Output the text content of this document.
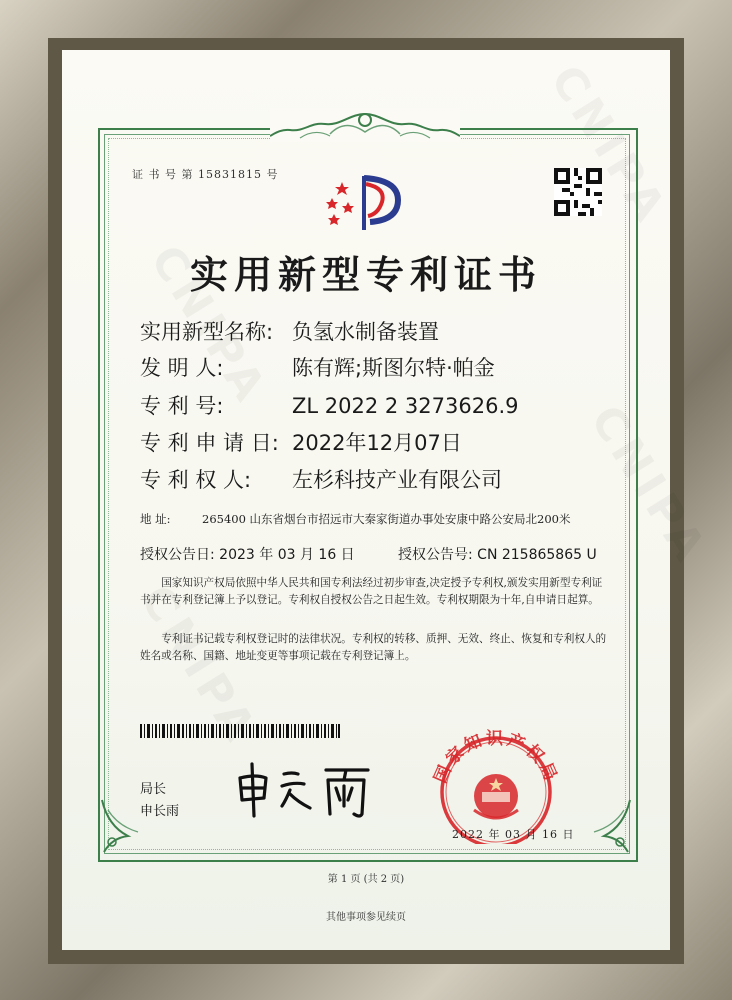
证 书 号 第 15831815 号
实用新型专利证书
实用新型名称: 负氢水制备装置
发 明 人:	陈有辉;斯图尔特·帕金
专 利 号:	ZL 2022 2 3273626.9
专 利 申 请 日: 2022年12月07日
专 利 权 人: 左杉科技产业有限公司
地 址:	265400 山东省烟台市招远市大秦家街道办事处安康中路公安局北200米
授权公告日: 2023 年 03 月 16 日	授权公告号: CN 215865865 U
国家知识产权局依照中华人民共和国专利法经过初步审查,决定授予专利权,颁发实用新型专利证书并在专利登记簿上予以登记。专利权自授权公告之日起生效。专利权期限为十年,自申请日起算。
专利证书记载专利权登记时的法律状况。专利权的转移、质押、无效、终止、恢复和专利权人的姓名或名称、国籍、地址变更等事项记载在专利登记簿上。
局长
申长雨
国家知识产权局
2022 年 03 月 16 日
第 1 页 (共 2 页)
其他事项参见续页
